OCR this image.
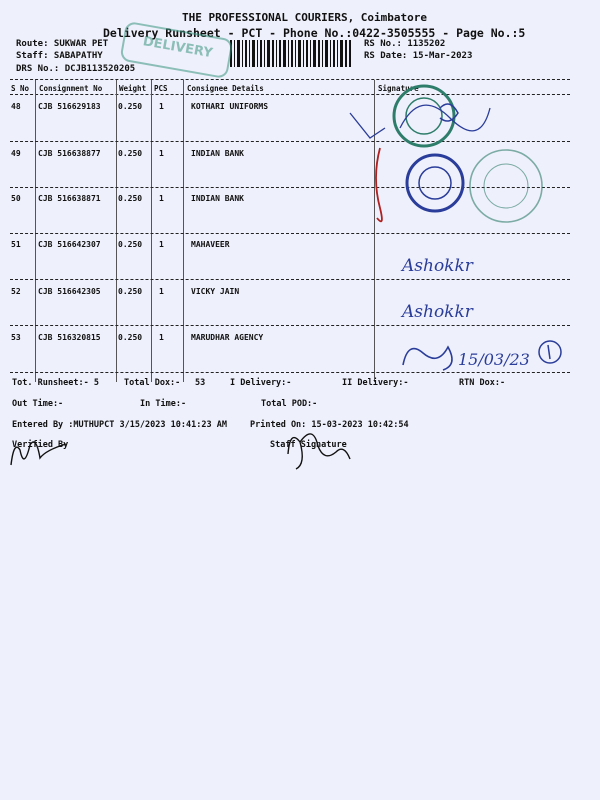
THE PROFESSIONAL COURIERS, Coimbatore
Delivery Runsheet - PCT - Phone No.:0422-3505555 - Page No.:5
Route: SUKWAR PET
Staff: SABAPATHY
DRS No.: DCJB113520205
RS No.: 1135202
RS Date: 15-Mar-2023
DELIVERY
S No Consignment No Weight PCS	Consignee Details	Signature
48 CJB 516629183 0.250 1	KOTHARI UNIFORMS
49 CJB 516638877 0.250 1	INDIAN BANK
50 CJB 516638871 0.250 1	INDIAN BANK
51 CJB 516642307 0.250 1	MAHAVEER
52 CJB 516642305 0.250 1	VICKY JAIN
53 CJB 516320815 0.250 1	MARUDHAR AGENCY
Ashokkr
Ashokkr
15/03/23
Tot. Runsheet:- 5	Total Dox:- 53	I Delivery:-	II Delivery:-	RTN Dox:-
Out Time:-	In Time:-	Total POD:-
Entered By :MUTHUPCT 3/15/2023 10:41:23 AM	Printed On: 15-03-2023 10:42:54
Verified By	Staff Signature
